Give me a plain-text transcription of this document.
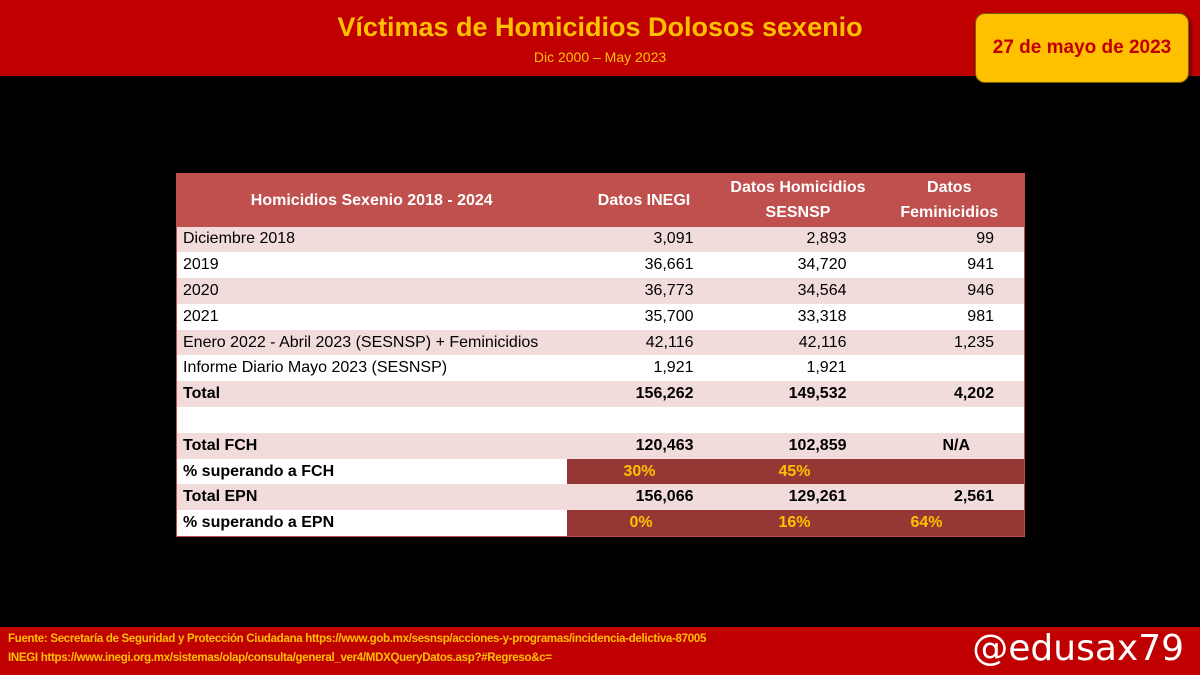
Víctimas de Homicidios Dolosos sexenio
Dic 2000 – May 2023	27 de mayo de 2023
Homicidios Sexenio 2018 - 2024	Datos INEGI	Datos Homicidios SESNSP	Datos Feminicidios
Diciembre 2018	3,091	2,893	99
2019	36,661	34,720	941
2020	36,773	34,564	946
2021	35,700	33,318	981
Enero 2022 - Abril 2023 (SESNSP) + Feminicidios	42,116	42,116	1,235
Informe Diario Mayo 2023 (SESNSP)	1,921	1,921	
Total	156,262	149,532	4,202

Total FCH	120,463	102,859	N/A
% superando a FCH	30%	45%	
Total EPN	156,066	129,261	2,561
% superando a EPN	0%	16%	64%
Fuente: Secretaría de Seguridad y Protección Ciudadana https://www.gob.mx/sesnsp/acciones-y-programas/incidencia-delictiva-87005
INEGI https://www.inegi.org.mx/sistemas/olap/consulta/general_ver4/MDXQueryDatos.asp?#Regreso&c=	@edusax79
